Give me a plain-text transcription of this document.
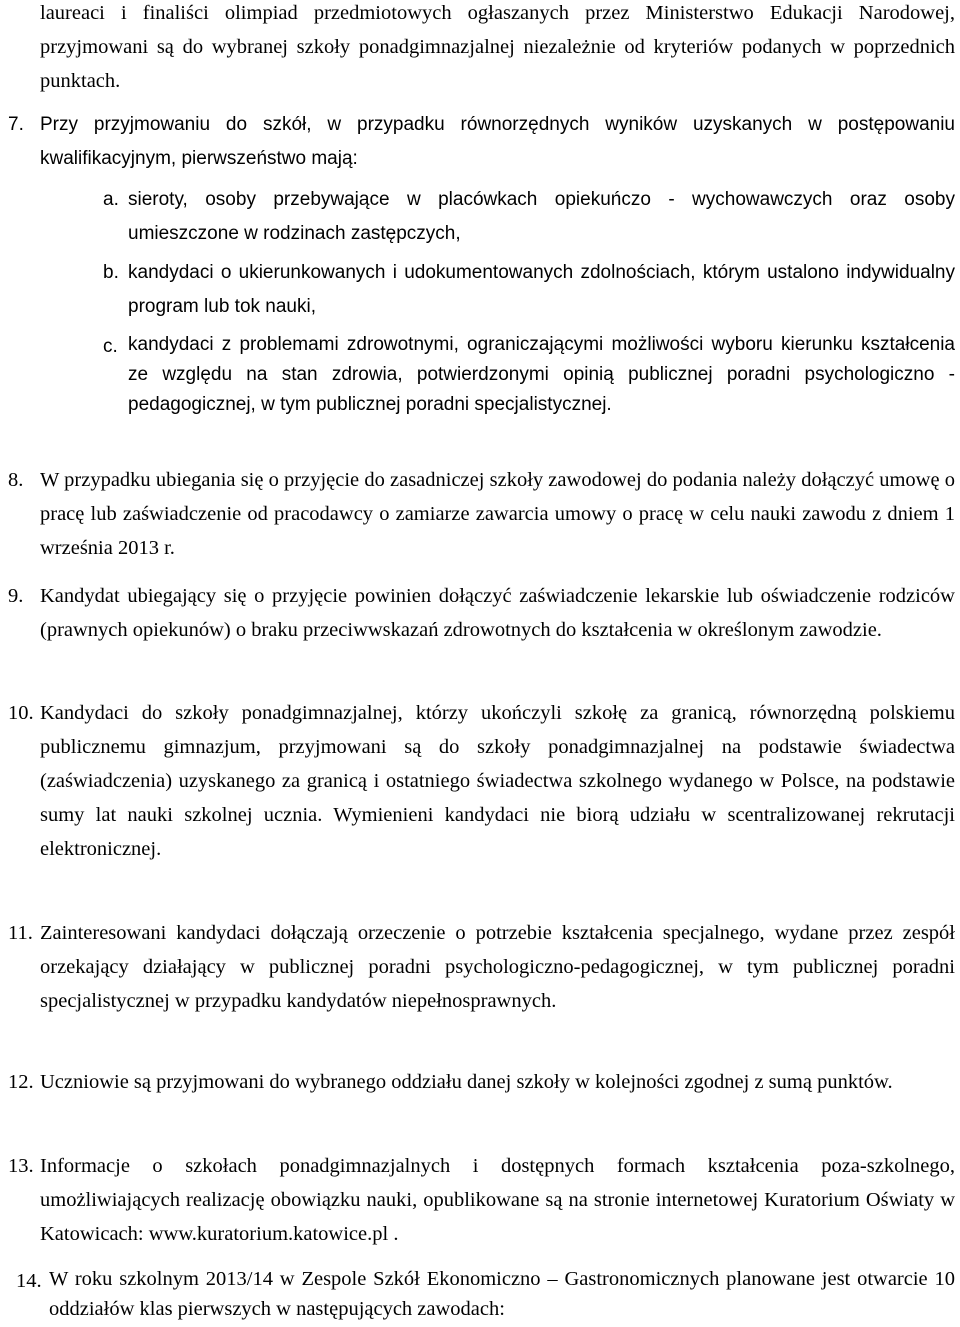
laureaci i finaliści olimpiad przedmiotowych ogłaszanych przez Ministerstwo Edukacji Narodowej, przyjmowani są do wybranej szkoły ponadgimnazjalnej niezależnie od kryteriów podanych w poprzednich punktach.

7. Przy przyjmowaniu do szkół, w przypadku równorzędnych wyników uzyskanych w postępowaniu kwalifikacyjnym, pierwszeństwo mają:

a. sieroty, osoby przebywające w placówkach opiekuńczo - wychowawczych oraz osoby umieszczone w rodzinach zastępczych,

b. kandydaci o ukierunkowanych i udokumentowanych zdolnościach, którym ustalono indywidualny program lub tok nauki,

c. kandydaci z problemami zdrowotnymi, ograniczającymi możliwości wyboru kierunku kształcenia ze względu na stan zdrowia, potwierdzonymi opinią publicznej poradni psychologiczno - pedagogicznej, w tym publicznej poradni specjalistycznej.

8. W przypadku ubiegania się o przyjęcie do zasadniczej szkoły zawodowej do podania należy dołączyć umowę o pracę lub zaświadczenie od pracodawcy o zamiarze zawarcia umowy o pracę w celu nauki zawodu z dniem 1 września 2013 r.

9. Kandydat ubiegający się o przyjęcie powinien dołączyć zaświadczenie lekarskie lub oświadczenie rodziców (prawnych opiekunów) o braku przeciwwskazań zdrowotnych do kształcenia w określonym zawodzie.

10. Kandydaci do szkoły ponadgimnazjalnej, którzy ukończyli szkołę za granicą, równorzędną polskiemu publicznemu gimnazjum, przyjmowani są do szkoły ponadgimnazjalnej na podstawie świadectwa (zaświadczenia) uzyskanego za granicą i ostatniego świadectwa szkolnego wydanego w Polsce, na podstawie sumy lat nauki szkolnej ucznia. Wymienieni kandydaci nie biorą udziału w scentralizowanej rekrutacji elektronicznej.

11. Zainteresowani kandydaci dołączają orzeczenie o potrzebie kształcenia specjalnego, wydane przez zespół orzekający działający w publicznej poradni psychologiczno-pedagogicznej, w tym publicznej poradni specjalistycznej w przypadku kandydatów niepełnosprawnych.

12. Uczniowie są przyjmowani do wybranego oddziału danej szkoły w kolejności zgodnej z sumą punktów.

13. Informacje o szkołach ponadgimnazjalnych i dostępnych formach kształcenia poza-szkolnego, umożliwiających realizację obowiązku nauki, opublikowane są na stronie internetowej Kuratorium Oświaty w Katowicach: www.kuratorium.katowice.pl .

14. W roku szkolnym 2013/14 w Zespole Szkół Ekonomiczno – Gastronomicznych planowane jest otwarcie 10 oddziałów klas pierwszych w następujących zawodach:
